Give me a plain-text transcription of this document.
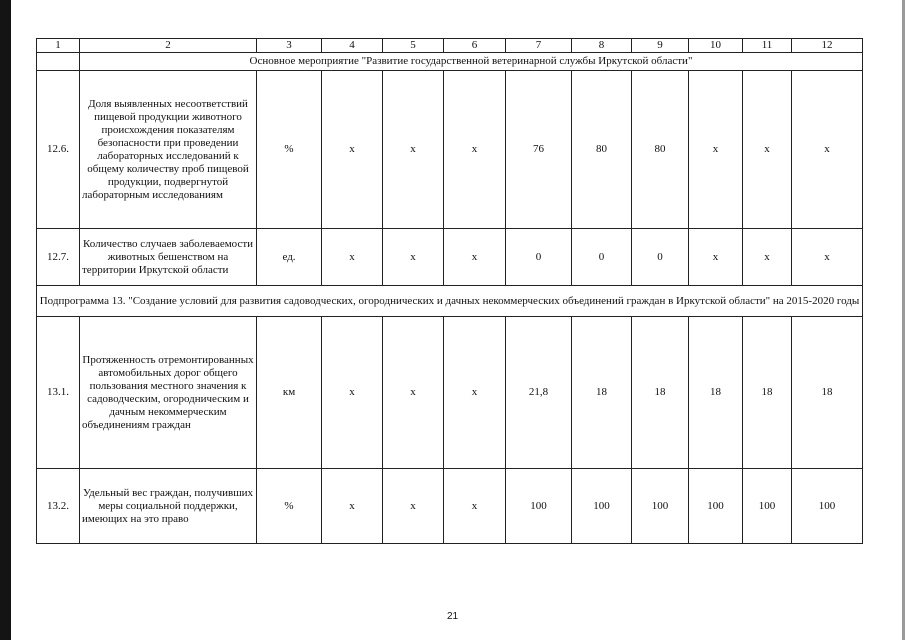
1	2	3	4	5	6	7	8	9	10	11	12
	Основное мероприятие "Развитие государственной ветеринарной службы Иркутской области"										
12.6.	Доля выявленных несоответствий пищевой продукции животного происхождения показателям безопасности при проведении лабораторных исследований к общему количеству проб пищевой продукции, подвергнутой лабораторным исследованиям	%	х	х	х	76	80	80	х	х	х
12.7.	Количество случаев заболеваемости животных бешенством на территории Иркутской области	ед.	х	х	х	0	0	0	х	х	х
Подпрограмма 13. "Создание условий для развития садоводческих, огороднических и дачных некоммерческих объединений граждан в Иркутской области" на 2015-2020 годы											
13.1.	Протяженность отремонтированных автомобильных дорог общего пользования местного значения к садоводческим, огородническим и дачным некоммерческим объединениям граждан	км	х	х	х	21,8	18	18	18	18	18
13.2.	Удельный вес граждан, получивших меры социальной поддержки, имеющих на это право	%	х	х	х	100	100	100	100	100	100
21
